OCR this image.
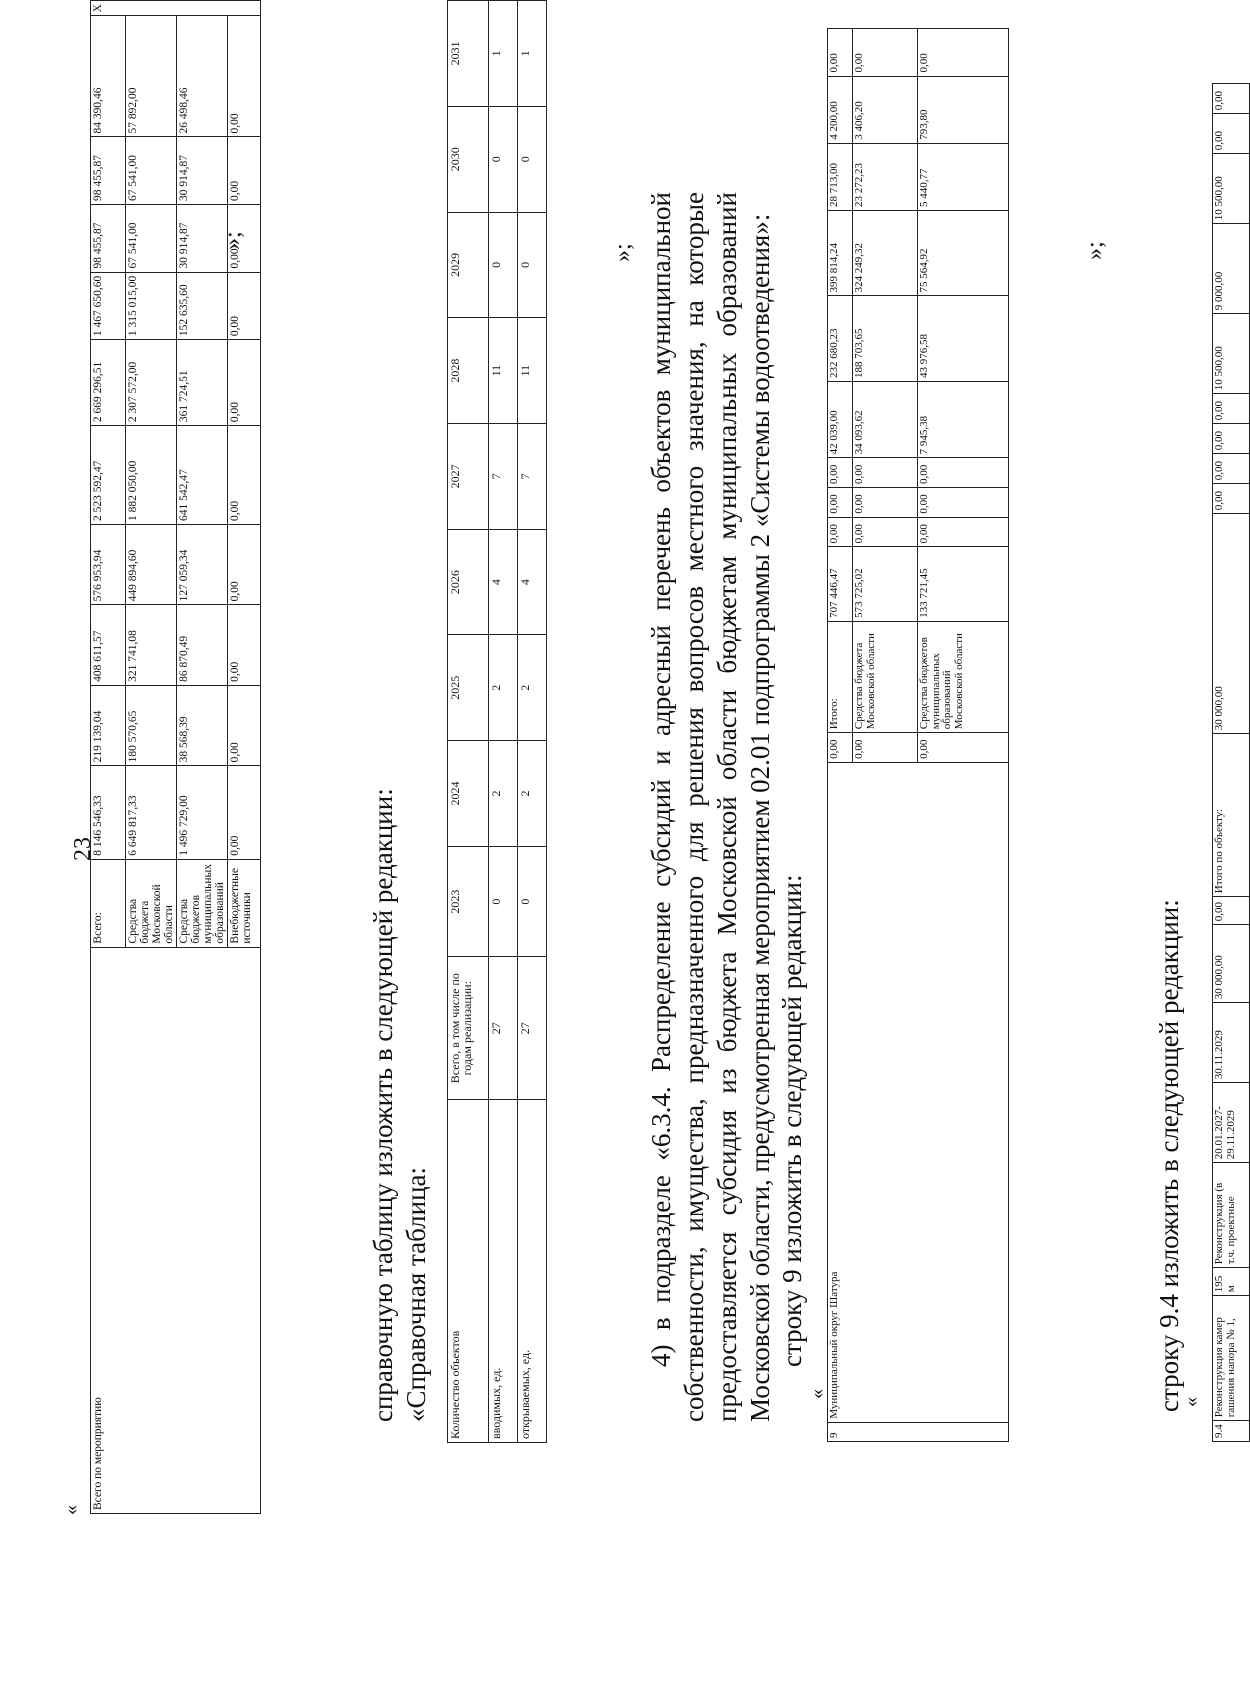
23
« Всего по мероприятию	Всего:	8 146 546,33	219 139,04	408 611,57	576 953,94	2 523 592,47	2 669 296,51	1 467 650,60	98 455,87	98 455,87	84 390,46	X
	Средства бюджета Московской области	6 649 817,33	180 570,65	321 741,08	449 894,60	1 882 050,00	2 307 572,00	1 315 015,00	67 541,00	67 541,00	57 892,00	
	Средства бюджетов муниципальных образований	1 496 729,00	38 568,39	86 870,49	127 059,34	641 542,47	361 724,51	152 635,60	30 914,87	30 914,87	26 498,46	
	Внебюджетные источники	0,00	0,00	0,00	0,00	0,00	0,00	0,00	0,00	0,00	0,00	
»;
справочную таблицу изложить в следующей редакции: «Справочная таблица: Количество объектов	Всего, в том числе по годам реализации:	2023	2024	2025	2026	2027	2028	2029	2030	2031
вводимых, ед.	27	0	2	2	4	7	11	0	0	1
открываемых, ед.	27	0	2	2	4	7	11	0	0	1
»; 4) в подразделе «6.3.4. Распределение субсидий и адресный перечень объектов муниципальной собственности, имущества, предназначенного для решения вопросов местного значения, на которые предоставляется субсидия из бюджета Московской области бюджетам муниципальных образований Московской области, предусмотренная мероприятием 02.01 подпрограммы 2 «Системы водоотведения»: строку 9 изложить в следующей редакции:
«
9	Муниципальный округ Шатура	0,00	Итого:	707 446,47	0,00	0,00	0,00	42 039,00	232 680,23	399 814,24	28 713,00	4 200,00	0,00
		0,00	Средства бюджета Московской области	573 725,02	0,00	0,00	0,00	34 093,62	188 703,65	324 249,32	23 272,23	3 406,20	0,00
		0,00	Средства бюджетов муниципальных образований Московской области	133 721,45	0,00	0,00	0,00	7 945,38	43 976,58	75 564,92	5 440,77	793,80	0,00
»;
строку 9.4 изложить в следующей редакции:
«
9.4	Реконструкция камер гашения напора № 1,	195 м	Реконструкция (в т.ч. проектные	20.01.2027-29.11.2029	30.11.2029	30 000,00	0,00	Итого по объекту:	30 000,00	0,00	0,00	0,00	0,00	10 500,00	9 000,00	10 500,00	0,00	0,00
